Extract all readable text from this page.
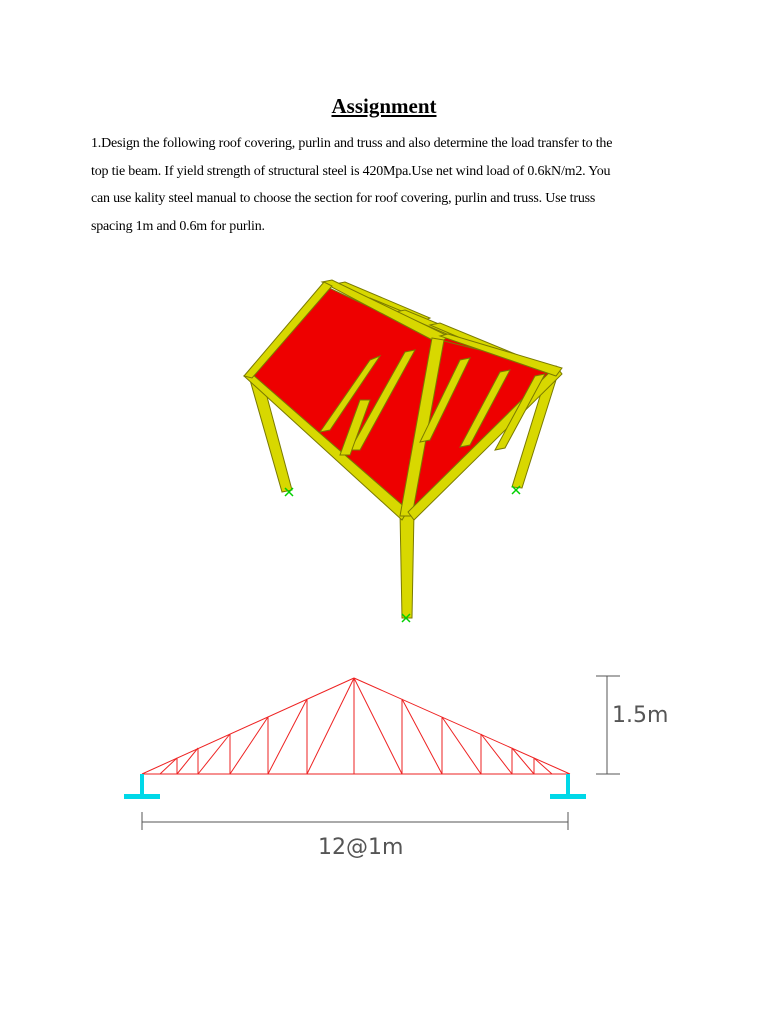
Assignment
1.Design the following roof covering, purlin and truss and also determine the load transfer to the
top tie beam. If yield strength of structural steel is 420Mpa.Use net wind load of 0.6kN/m2. You
can use kality steel manual to choose the section for roof covering, purlin and truss. Use truss
spacing 1m and 0.6m for purlin.
1.5m
12@1m
